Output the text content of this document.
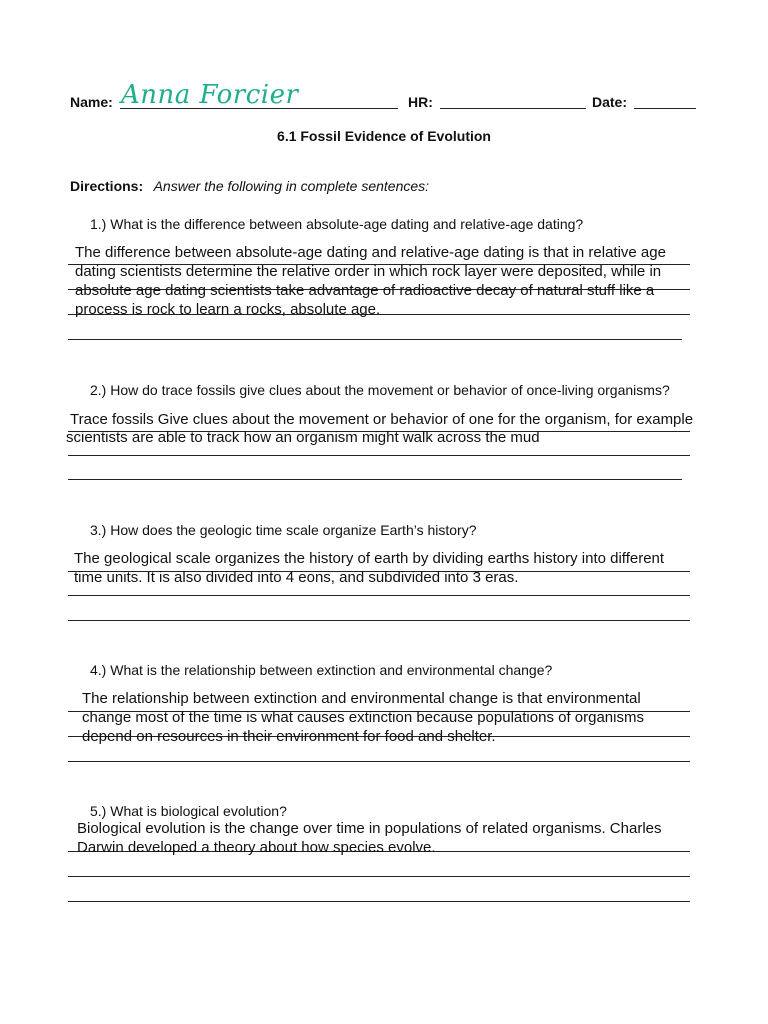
Name: Anna Forcier	HR:	Date:
6.1 Fossil Evidence of Evolution
Directions: Answer the following in complete sentences:
1.) What is the difference between absolute-age dating and relative-age dating?
The difference between absolute-age dating and relative-age dating is that in relative age
dating scientists determine the relative order in which rock layer were deposited, while in
absolute age dating scientists take advantage of radioactive decay of natural stuff like a
process is rock to learn a rocks, absolute age.
2.) How do trace fossils give clues about the movement or behavior of once-living organisms?
Trace fossils Give clues about the movement or behavior of one for the organism, for example
scientists are able to track how an organism might walk across the mud
3.) How does the geologic time scale organize Earth’s history?
The geological scale organizes the history of earth by dividing earths history into different
time units. It is also divided into 4 eons, and subdivided into 3 eras.
4.) What is the relationship between extinction and environmental change?
The relationship between extinction and environmental change is that environmental
change most of the time is what causes extinction because populations of organisms
depend on resources in their environment for food and shelter.
5.) What is biological evolution?
Biological evolution is the change over time in populations of related organisms. Charles
Darwin developed a theory about how species evolve.
